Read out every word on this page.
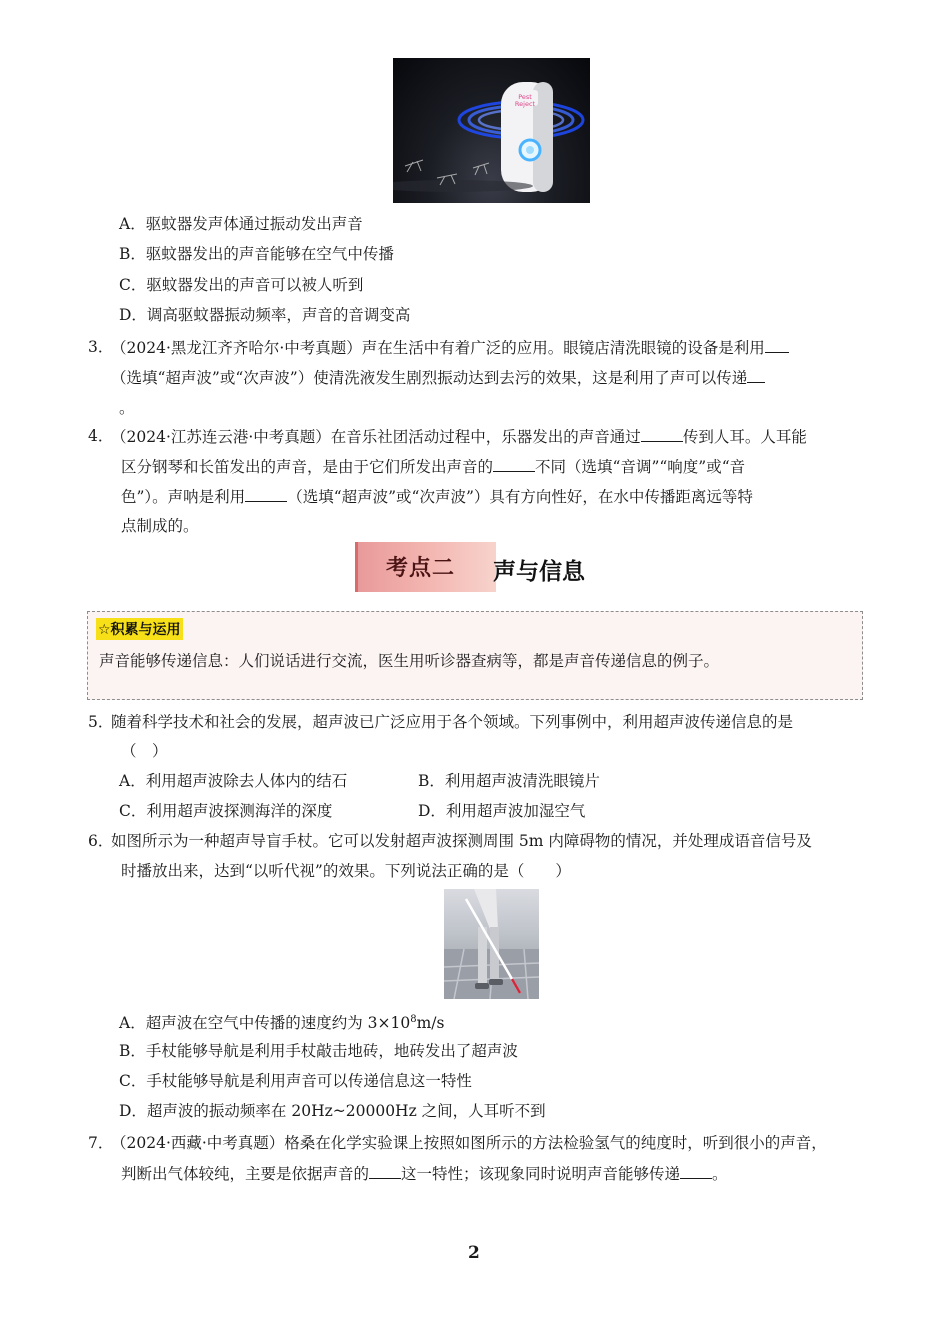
Pest Reject
A．驱蚊器发声体通过振动发出声音
B．驱蚊器发出的声音能够在空气中传播
C．驱蚊器发出的声音可以被人听到
D．调高驱蚊器振动频率，声音的音调变高
3．
（2024·黑龙江齐齐哈尔·中考真题）声在生活中有着广泛的应用。眼镜店清洗眼镜的设备是利用
（选填“超声波”或“次声波”）使清洗液发生剧烈振动达到去污的效果，这是利用了声可以传递
。
4．
（2024·江苏连云港·中考真题）在音乐社团活动过程中，乐器发出的声音通过	传到人耳。人耳能
区分钢琴和长笛发出的声音，是由于它们所发出声音的	不同（选填“音调”“响度”或“音
色”）。声呐是利用	（选填“超声波”或“次声波”）具有方向性好，在水中传播距离远等特
点制成的。
考点二 声与信息
☆积累与运用
声音能够传递信息：人们说话进行交流，医生用听诊器查病等，都是声音传递信息的例子。
5．
随着科学技术和社会的发展，超声波已广泛应用于各个领域。下列事例中，利用超声波传递信息的是
（　）
A．利用超声波除去人体内的结石	B．利用超声波清洗眼镜片
C．利用超声波探测海洋的深度	D．利用超声波加湿空气
6．
如图所示为一种超声导盲手杖。它可以发射超声波探测周围 5m 内障碍物的情况，并处理成语音信号及
时播放出来，达到“以听代视”的效果。下列说法正确的是（　　）
A．超声波在空气中传播的速度约为 $3\times 10^8m/s$
B．手杖能够导航是利用手杖敲击地砖，地砖发出了超声波
C．手杖能够导航是利用声音可以传递信息这一特性
D．超声波的振动频率在 20Hz~20000Hz 之间，人耳听不到
7．
（2024·西藏·中考真题）格桑在化学实验课上按照如图所示的方法检验氢气的纯度时，听到很小的声音，
判断出气体较纯，主要是依据声音的 这一特性；该现象同时说明声音能够传递 。
2
